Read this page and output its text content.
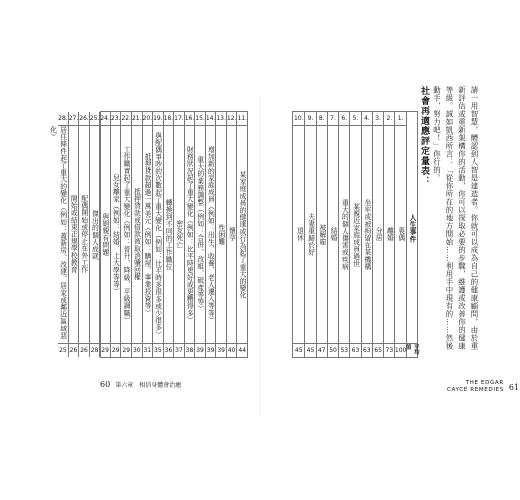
11.
某家庭成員的健康或行為起了重大的變化
44
12.
懷孕
40
13.
性困難
39
14.
增加新的家庭成員（例如：出生、收養、老人遷入等等）
39
15.
重大的業務調整（例如：合併、改組、破產等等）
39
16.
財務狀況起了重大變化（例如：比平時更好或更糟得多）
38
17.
密友死亡
37
18.
轉換到不同的工作職位
36
19.
與配偶爭吵的次數起了重大變化（例如：比平時多很多或少很多）
35
20.
抵押貸款超過一萬美元（例如：購屋、事業投資等）
31
21.
抵押貸款或借款被取消贖回權
30
22.
工作職責起了重大變化（例如：晉升、降級、平級調職）
29
23.
兒女離家（例如：結婚、上大學等等）
29
24.
與姻親有問題
29
25.
傑出的個人成就
28
26.
配偶開始或停止在外工作
26
27.
開始或結束正規學校教育
26
28.
居住條件起了重大的變化（例如：蓋新房、改建、居家或鄰近區域惡化）
25
60 第六章　相信身體會治癒
請一用智慧，體認到人智是建造者。你就可以成為自己的健康顧問，由於重新評估或重新架構你的活動，你可以探取必要的步驟，維護或改善你的健康等級。誠如凱西所言：「從你所在的地方開始……利用手中現有的……然後動手，努力吧！」你行的。
社會再適應評定量表：
人生事件
平均值
1.
喪偶
100
2.
離婚
73
3.
分居
65
4.
坐牢或被拘留在某機構
63
5.
某親近家庭成員過世
63
6.
重大的個人傷害或疾病
53
7.
結婚
50
8.
被解雇
47
9.
夫妻重歸於好
45
10.
退休
45
THE EDGAR
CAYCE REMEDIES 61
